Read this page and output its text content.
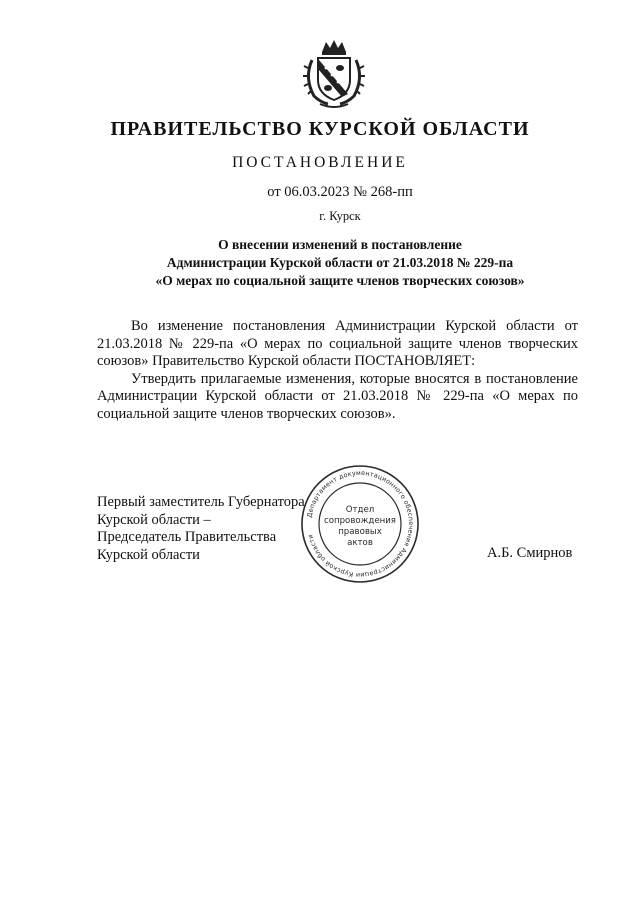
ПРАВИТЕЛЬСТВО КУРСКОЙ ОБЛАСТИ
ПОСТАНОВЛЕНИЕ
от 06.03.2023 № 268-пп
г. Курск
О внесении изменений в постановление
Администрации Курской области от 21.03.2018 № 229-па
«О мерах по социальной защите членов творческих союзов»

Во изменение постановления Администрации Курской области от 21.03.2018 № 229-па «О мерах по социальной защите членов творческих союзов» Правительство Курской области ПОСТАНОВЛЯЕТ:

Утвердить прилагаемые изменения, которые вносятся в постановление Администрации Курской области от 21.03.2018 № 229-па «О мерах по социальной защите членов творческих союзов».

Первый заместитель Губернатора
Курской области –
Председатель Правительства
Курской области
Департамент документационного обеспечения Администрации Курской области
Отдел
сопровождения
правовых
актов
А.Б. Смирнов
